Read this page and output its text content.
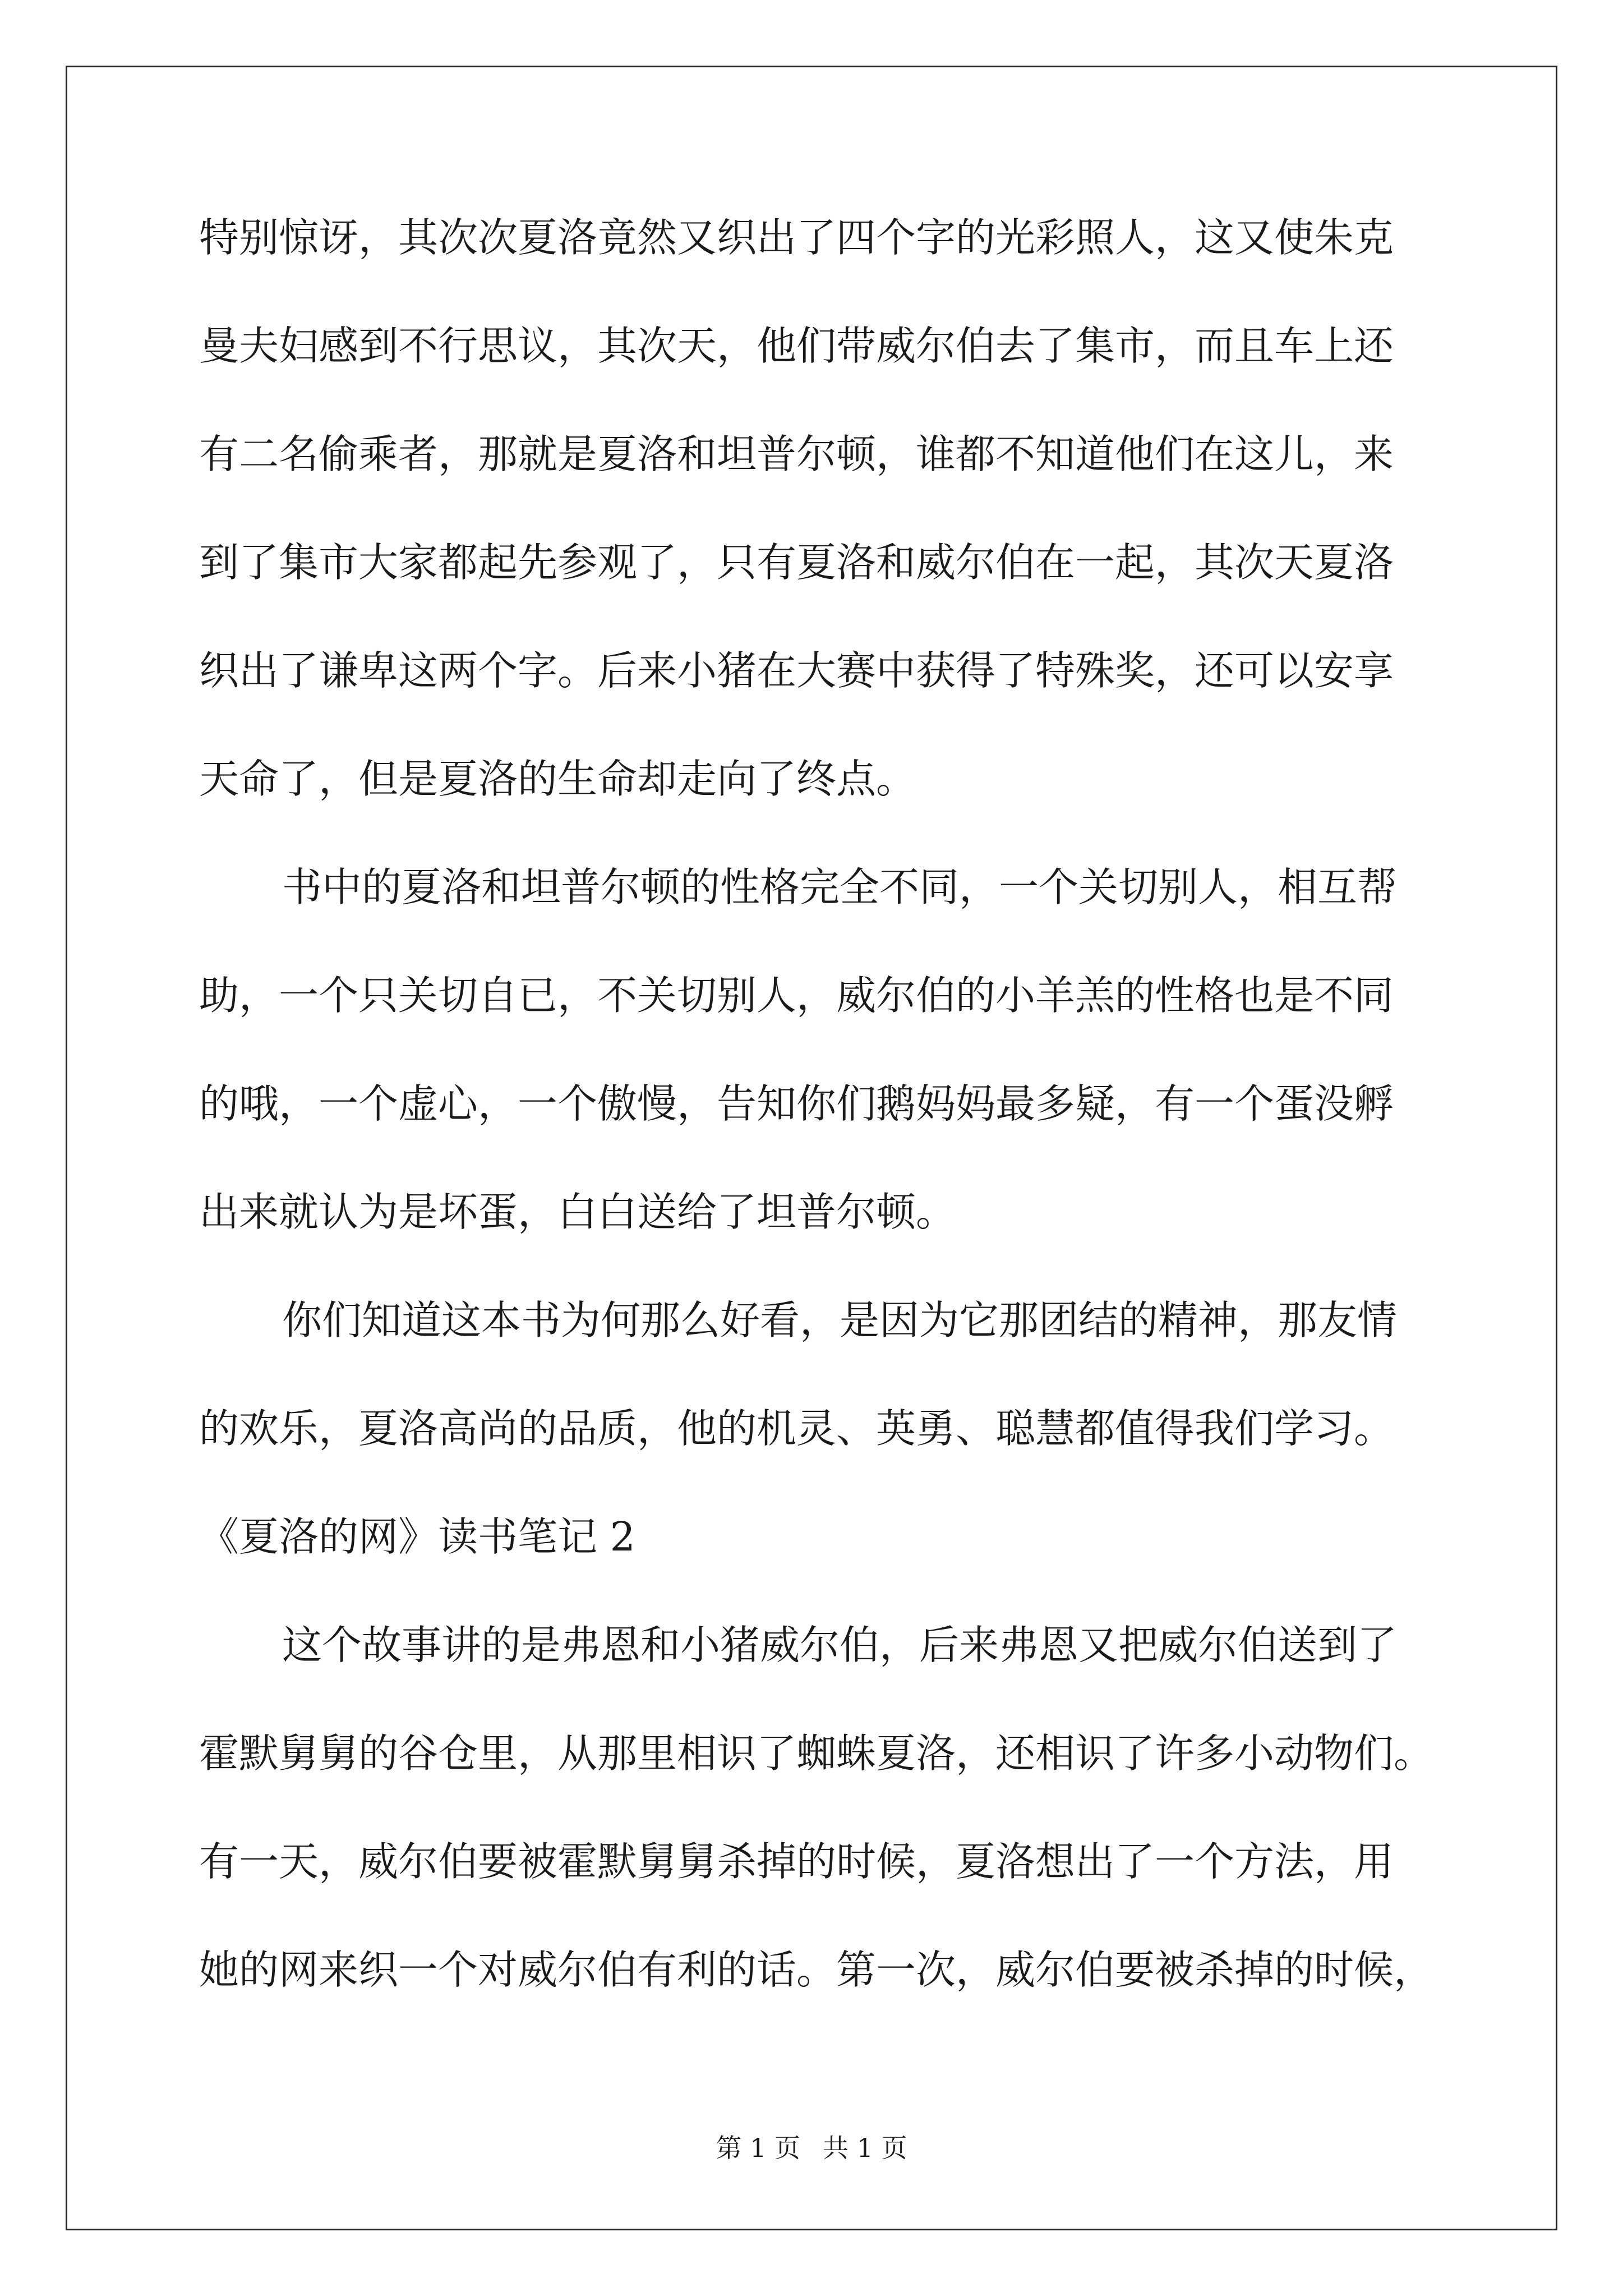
特别惊讶，其次次夏洛竟然又织出了四个字的光彩照人，这又使朱克
曼夫妇感到不行思议，其次天，他们带威尔伯去了集市，而且车上还
有二名偷乘者，那就是夏洛和坦普尔顿，谁都不知道他们在这儿，来
到了集市大家都起先参观了，只有夏洛和威尔伯在一起，其次天夏洛
织出了谦卑这两个字。后来小猪在大赛中获得了特殊奖，还可以安享
天命了，但是夏洛的生命却走向了终点。
书中的夏洛和坦普尔顿的性格完全不同，一个关切别人，相互帮
助，一个只关切自已，不关切别人，威尔伯的小羊羔的性格也是不同
的哦，一个虚心，一个傲慢，告知你们鹅妈妈最多疑，有一个蛋没孵
出来就认为是坏蛋，白白送给了坦普尔顿。
你们知道这本书为何那么好看，是因为它那团结的精神，那友情
的欢乐，夏洛高尚的品质，他的机灵、英勇、聪慧都值得我们学习。
《夏洛的网》读书笔记 2
这个故事讲的是弗恩和小猪威尔伯，后来弗恩又把威尔伯送到了
霍默舅舅的谷仓里，从那里相识了蜘蛛夏洛，还相识了许多小动物们。
有一天，威尔伯要被霍默舅舅杀掉的时候，夏洛想出了一个方法，用
她的网来织一个对威尔伯有利的话。第一次，威尔伯要被杀掉的时候，
第 1 页 共 1 页
